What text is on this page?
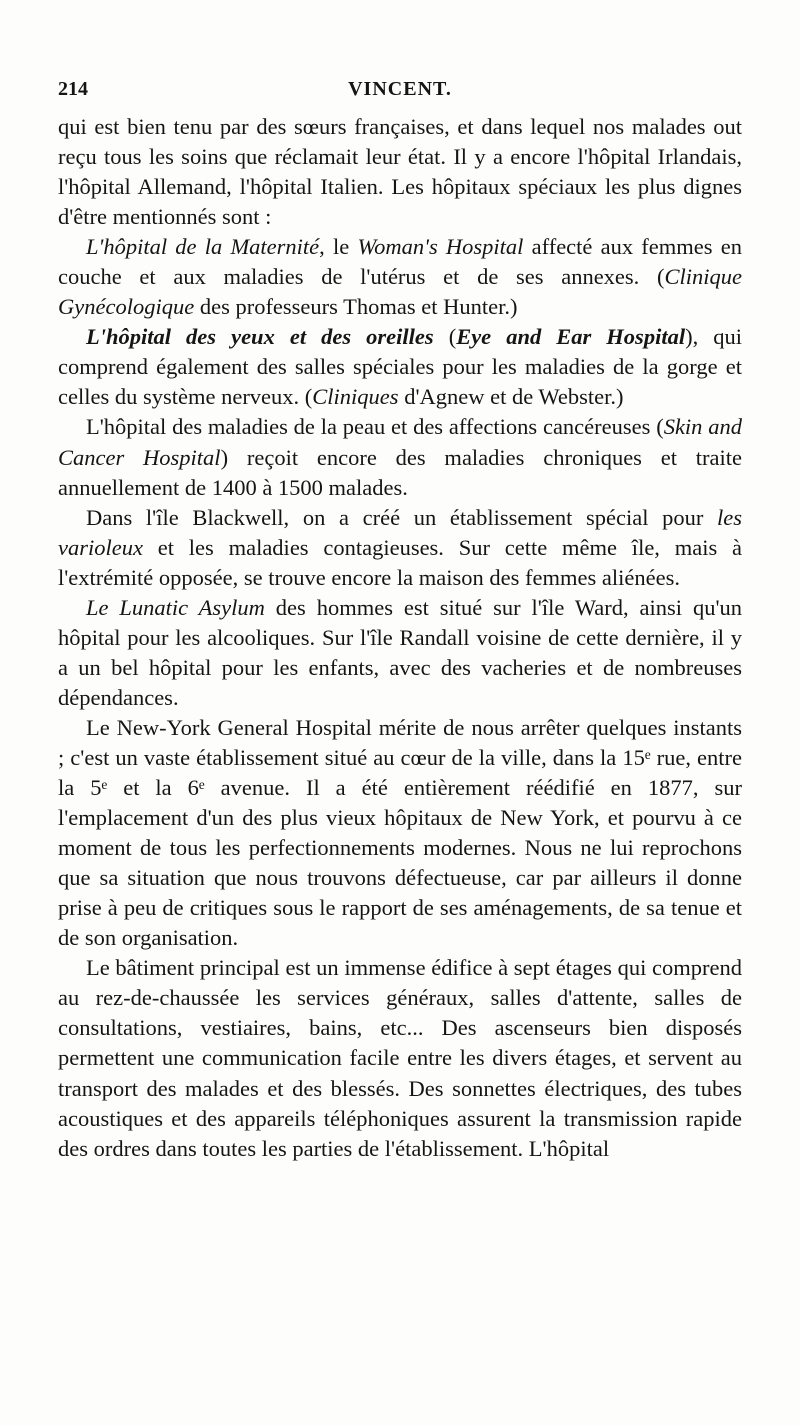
214	VINCENT.

qui est bien tenu par des sœurs françaises, et dans lequel nos malades out reçu tous les soins que réclamait leur état. Il y a encore l'hôpital Irlandais, l'hôpital Allemand, l'hôpital Italien. Les hôpitaux spéciaux les plus dignes d'être mentionnés sont :

L'hôpital de la Maternité, le Woman's Hospital affecté aux femmes en couche et aux maladies de l'utérus et de ses annexes. (Clinique Gynécologique des professeurs Thomas et Hunter.)

L'hôpital des yeux et des oreilles (Eye and Ear Hospital), qui comprend également des salles spéciales pour les maladies de la gorge et celles du système nerveux. (Cliniques d'Agnew et de Webster.)

L'hôpital des maladies de la peau et des affections cancéreuses (Skin and Cancer Hospital) reçoit encore des maladies chroniques et traite annuellement de 1400 à 1500 malades.

Dans l'île Blackwell, on a créé un établissement spécial pour les varioleux et les maladies contagieuses. Sur cette même île, mais à l'extrémité opposée, se trouve encore la maison des femmes aliénées.

Le Lunatic Asylum des hommes est situé sur l'île Ward, ainsi qu'un hôpital pour les alcooliques. Sur l'île Randall voisine de cette dernière, il y a un bel hôpital pour les enfants, avec des vacheries et de nombreuses dépendances.

Le New-York General Hospital mérite de nous arrêter quelques instants ; c'est un vaste établissement situé au cœur de la ville, dans la 15ᵉ rue, entre la 5ᵉ et la 6ᵉ avenue. Il a été entièrement réédifié en 1877, sur l'emplacement d'un des plus vieux hôpitaux de New York, et pourvu à ce moment de tous les perfectionnements modernes. Nous ne lui reprochons que sa situation que nous trouvons défectueuse, car par ailleurs il donne prise à peu de critiques sous le rapport de ses aménagements, de sa tenue et de son organisation.

Le bâtiment principal est un immense édifice à sept étages qui comprend au rez-de-chaussée les services généraux, salles d'attente, salles de consultations, vestiaires, bains, etc... Des ascenseurs bien disposés permettent une communication facile entre les divers étages, et servent au transport des malades et des blessés. Des sonnettes électriques, des tubes acoustiques et des appareils téléphoniques assurent la transmission rapide des ordres dans toutes les parties de l'établissement. L'hôpital
